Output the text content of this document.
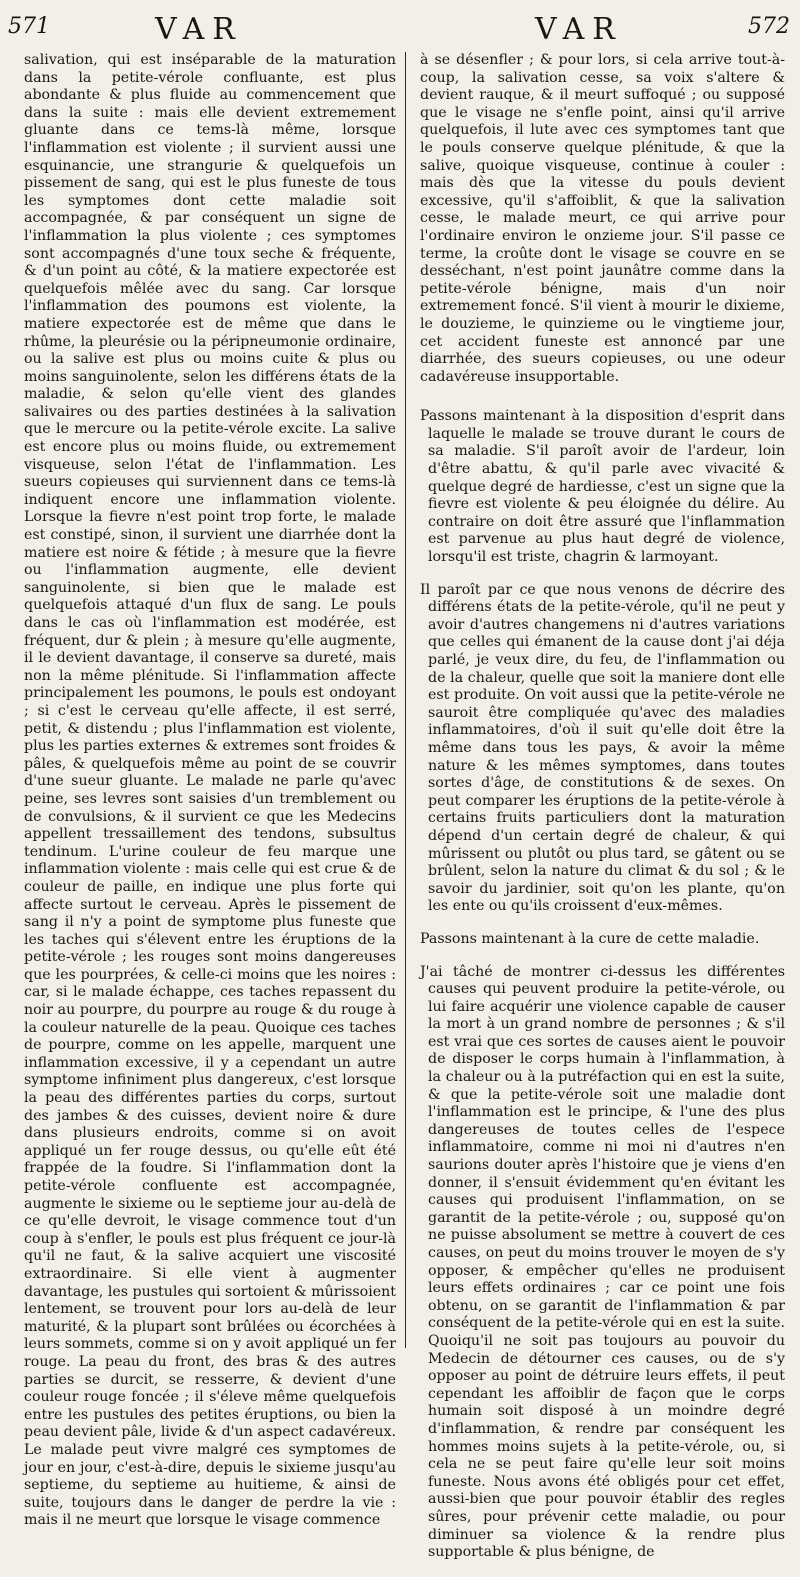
571	VAR	VAR	572

salivation, qui est inséparable de la maturation dans la petite-vérole confluante, est plus abondante & plus fluide au commencement que dans la suite : mais elle devient extremement gluante dans ce tems-là même, lorsque l'inflammation est violente ; il survient aussi une esquinancie, une strangurie & quelquefois un pissement de sang, qui est le plus funeste de tous les symptomes dont cette maladie soit accompagnée, & par conséquent un signe de l'inflammation la plus violente ; ces symptomes sont accompagnés d'une toux seche & fréquente, & d'un point au côté, & la matiere expectorée est quelquefois mêlée avec du sang. Car lorsque l'inflammation des poumons est violente, la matiere expectorée est de même que dans le rhûme, la pleurésie ou la péripneumonie ordinaire, ou la salive est plus ou moins cuite & plus ou moins sanguinolente, selon les différens états de la maladie, & selon qu'elle vient des glandes salivaires ou des parties destinées à la salivation que le mercure ou la petite-vérole excite. La salive est encore plus ou moins fluide, ou extremement visqueuse, selon l'état de l'inflammation. Les sueurs copieuses qui surviennent dans ce tems-là indiquent encore une inflammation violente. Lorsque la fievre n'est point trop forte, le malade est constipé, sinon, il survient une diarrhée dont la matiere est noire & fétide ; à mesure que la fievre ou l'inflammation augmente, elle devient sanguinolente, si bien que le malade est quelquefois attaqué d'un flux de sang. Le pouls dans le cas où l'inflammation est modérée, est fréquent, dur & plein ; à mesure qu'elle augmente, il le devient davantage, il conserve sa dureté, mais non la même plénitude. Si l'inflammation affecte principalement les poumons, le pouls est ondoyant ; si c'est le cerveau qu'elle affecte, il est serré, petit, & distendu ; plus l'inflammation est violente, plus les parties externes & extremes sont froides & pâles, & quelquefois même au point de se couvrir d'une sueur gluante. Le malade ne parle qu'avec peine, ses levres sont saisies d'un tremblement ou de convulsions, & il survient ce que les Medecins appellent tressaillement des tendons, subsultus tendinum. L'urine couleur de feu marque une inflammation violente : mais celle qui est crue & de couleur de paille, en indique une plus forte qui affecte surtout le cerveau. Après le pissement de sang il n'y a point de symptome plus funeste que les taches qui s'élevent entre les éruptions de la petite-vérole ; les rouges sont moins dangereuses que les pourprées, & celle-ci moins que les noires : car, si le malade échappe, ces taches repassent du noir au pourpre, du pourpre au rouge & du rouge à la couleur naturelle de la peau. Quoique ces taches de pourpre, comme on les appelle, marquent une inflammation excessive, il y a cependant un autre symptome infiniment plus dangereux, c'est lorsque la peau des différentes parties du corps, surtout des jambes & des cuisses, devient noire & dure dans plusieurs endroits, comme si on avoit appliqué un fer rouge dessus, ou qu'elle eût été frappée de la foudre. Si l'inflammation dont la petite-vérole confluente est accompagnée, augmente le sixieme ou le septieme jour au-delà de ce qu'elle devroit, le visage commence tout d'un coup à s'enfler, le pouls est plus fréquent ce jour-là qu'il ne faut, & la salive acquiert une viscosité extraordinaire. Si elle vient à augmenter davantage, les pustules qui sortoient & mûrissoient lentement, se trouvent pour lors au-delà de leur maturité, & la plupart sont brûlées ou écorchées à leurs sommets, comme si on y avoit appliqué un fer rouge. La peau du front, des bras & des autres parties se durcit, se resserre, & devient d'une couleur rouge foncée ; il s'éleve même quelquefois entre les pustules des petites éruptions, ou bien la peau devient pâle, livide & d'un aspect cadavéreux. Le malade peut vivre malgré ces symptomes de jour en jour, c'est-à-dire, depuis le sixieme jusqu'au septieme, du septieme au huitieme, & ainsi de suite, toujours dans le danger de perdre la vie : mais il ne meurt que lorsque le visage commence

à se désenfler ; & pour lors, si cela arrive tout-à-coup, la salivation cesse, sa voix s'altere & devient rauque, & il meurt suffoqué ; ou supposé que le visage ne s'enfle point, ainsi qu'il arrive quelquefois, il lute avec ces symptomes tant que le pouls conserve quelque plénitude, & que la salive, quoique visqueuse, continue à couler : mais dès que la vitesse du pouls devient excessive, qu'il s'affoiblit, & que la salivation cesse, le malade meurt, ce qui arrive pour l'ordinaire environ le onzieme jour. S'il passe ce terme, la croûte dont le visage se couvre en se desséchant, n'est point jaunâtre comme dans la petite-vérole bénigne, mais d'un noir extremement foncé. S'il vient à mourir le dixieme, le douzieme, le quinzieme ou le vingtieme jour, cet accident funeste est annoncé par une diarrhée, des sueurs copieuses, ou une odeur cadavéreuse insupportable.

Passons maintenant à la disposition d'esprit dans laquelle le malade se trouve durant le cours de sa maladie. S'il paroît avoir de l'ardeur, loin d'être abattu, & qu'il parle avec vivacité & quelque degré de hardiesse, c'est un signe que la fievre est violente & peu éloignée du délire. Au contraire on doit être assuré que l'inflammation est parvenue au plus haut degré de violence, lorsqu'il est triste, chagrin & larmoyant.

Il paroît par ce que nous venons de décrire des différens états de la petite-vérole, qu'il ne peut y avoir d'autres changemens ni d'autres variations que celles qui émanent de la cause dont j'ai déja parlé, je veux dire, du feu, de l'inflammation ou de la chaleur, quelle que soit la maniere dont elle est produite. On voit aussi que la petite-vérole ne sauroit être compliquée qu'avec des maladies inflammatoires, d'où il suit qu'elle doit être la même dans tous les pays, & avoir la même nature & les mêmes symptomes, dans toutes sortes d'âge, de constitutions & de sexes. On peut comparer les éruptions de la petite-vérole à certains fruits particuliers dont la maturation dépend d'un certain degré de chaleur, & qui mûrissent ou plutôt ou plus tard, se gâtent ou se brûlent, selon la nature du climat & du sol ; & le savoir du jardinier, soit qu'on les plante, qu'on les ente ou qu'ils croissent d'eux-mêmes.

Passons maintenant à la cure de cette maladie.

J'ai tâché de montrer ci-dessus les différentes causes qui peuvent produire la petite-vérole, ou lui faire acquérir une violence capable de causer la mort à un grand nombre de personnes ; & s'il est vrai que ces sortes de causes aient le pouvoir de disposer le corps humain à l'inflammation, à la chaleur ou à la putréfaction qui en est la suite, & que la petite-vérole soit une maladie dont l'inflammation est le principe, & l'une des plus dangereuses de toutes celles de l'espece inflammatoire, comme ni moi ni d'autres n'en saurions douter après l'histoire que je viens d'en donner, il s'ensuit évidemment qu'en évitant les causes qui produisent l'inflammation, on se garantit de la petite-vérole ; ou, supposé qu'on ne puisse absolument se mettre à couvert de ces causes, on peut du moins trouver le moyen de s'y opposer, & empêcher qu'elles ne produisent leurs effets ordinaires ; car ce point une fois obtenu, on se garantit de l'inflammation & par conséquent de la petite-vérole qui en est la suite. Quoiqu'il ne soit pas toujours au pouvoir du Medecin de détourner ces causes, ou de s'y opposer au point de détruire leurs effets, il peut cependant les affoiblir de façon que le corps humain soit disposé à un moindre degré d'inflammation, & rendre par conséquent les hommes moins sujets à la petite-vérole, ou, si cela ne se peut faire qu'elle leur soit moins funeste. Nous avons été obligés pour cet effet, aussi-bien que pour pouvoir établir des regles sûres, pour prévenir cette maladie, ou pour diminuer sa violence & la rendre plus supportable & plus bénigne, de
